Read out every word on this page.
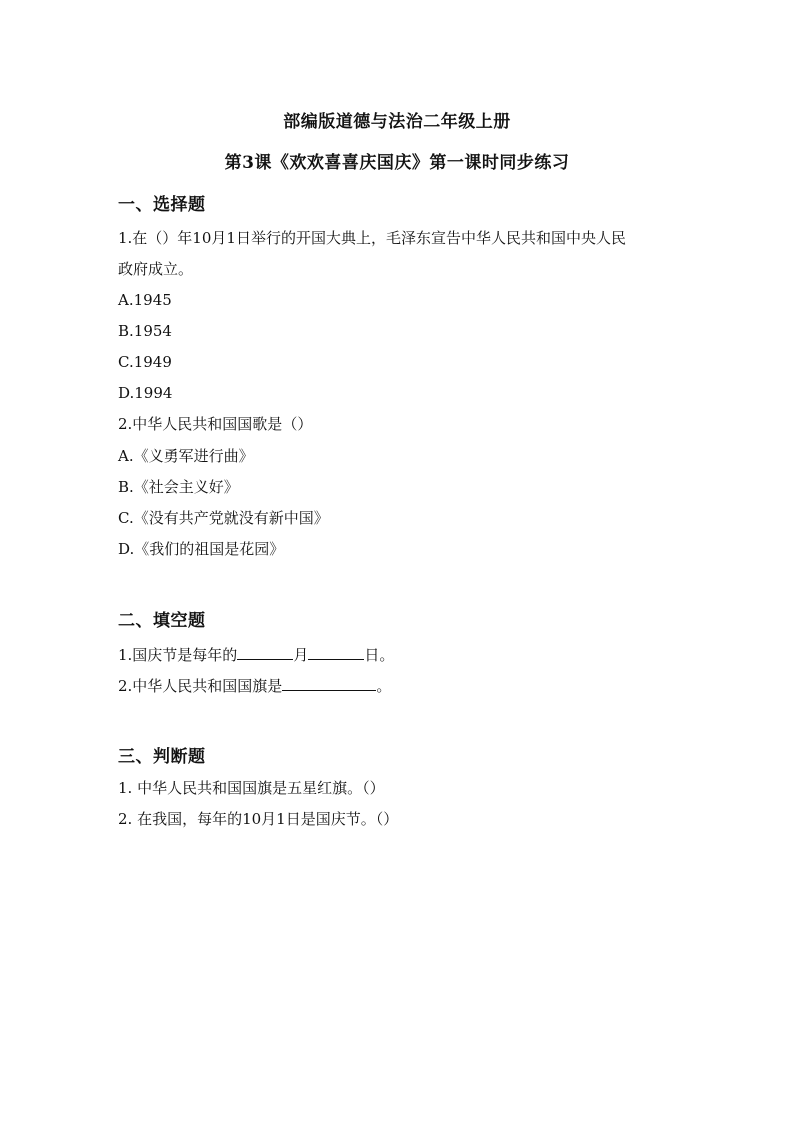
部编版道德与法治二年级上册
第3课《欢欢喜喜庆国庆》第一课时同步练习
一、选择题
1.在（）年10月1日举行的开国大典上，毛泽东宣告中华人民共和国中央人民
政府成立。
A.1945
B.1954
C.1949
D.1994
2.中华人民共和国国歌是（）
A.《义勇军进行曲》
B.《社会主义好》
C.《没有共产党就没有新中国》
D.《我们的祖国是花园》
二、填空题
1.国庆节是每年的	月	日。
2.中华人民共和国国旗是	。
三、判断题
1. 中华人民共和国国旗是五星红旗。（）
2. 在我国，每年的10月1日是国庆节。（）
